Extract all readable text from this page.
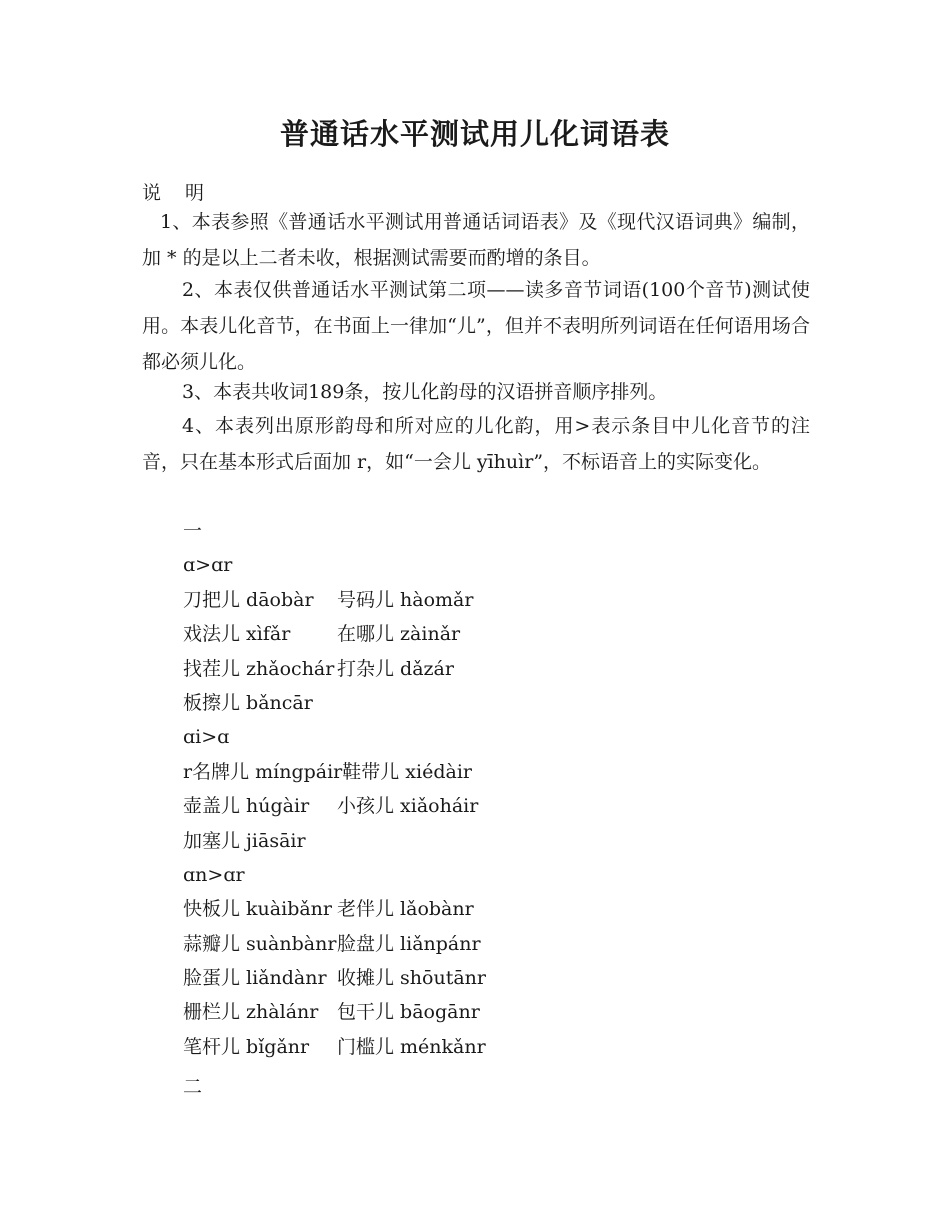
普通话水平测试用儿化词语表
说 明
1、本表参照《普通话水平测试用普通话词语表》及《现代汉语词典》编制，加 * 的是以上二者未收，根据测试需要而酌增的条目。
2、本表仅供普通话水平测试第二项——读多音节词语(100个音节)测试使用。本表儿化音节，在书面上一律加“儿”，但并不表明所列词语在任何语用场合都必须儿化。
3、本表共收词189条，按儿化韵母的汉语拼音顺序排列。
4、本表列出原形韵母和所对应的儿化韵，用>表示条目中儿化音节的注音，只在基本形式后面加 r，如“一会儿 yīhuìr”，不标语音上的实际变化。
一
ɑ>ɑr
刀把儿 dāobàr 号码儿 hàomǎr
戏法儿 xìfǎr 在哪儿 zàinǎr
找茬儿 zhǎochár 打杂儿 dǎzár
板擦儿 bǎncār
ɑi>ɑ
r名牌儿 míngpáir鞋带儿 xiédàir
壶盖儿 húgàir 小孩儿 xiǎoháir
加塞儿 jiāsāir
ɑn>ɑr
快板儿 kuàibǎnr 老伴儿 lǎobànr
蒜瓣儿 suànbànr脸盘儿 liǎnpánr
脸蛋儿 liǎndànr 收摊儿 shōutānr
栅栏儿 zhàlánr 包干儿 bāogānr
笔杆儿 bǐgǎnr 门槛儿 ménkǎnr
二
